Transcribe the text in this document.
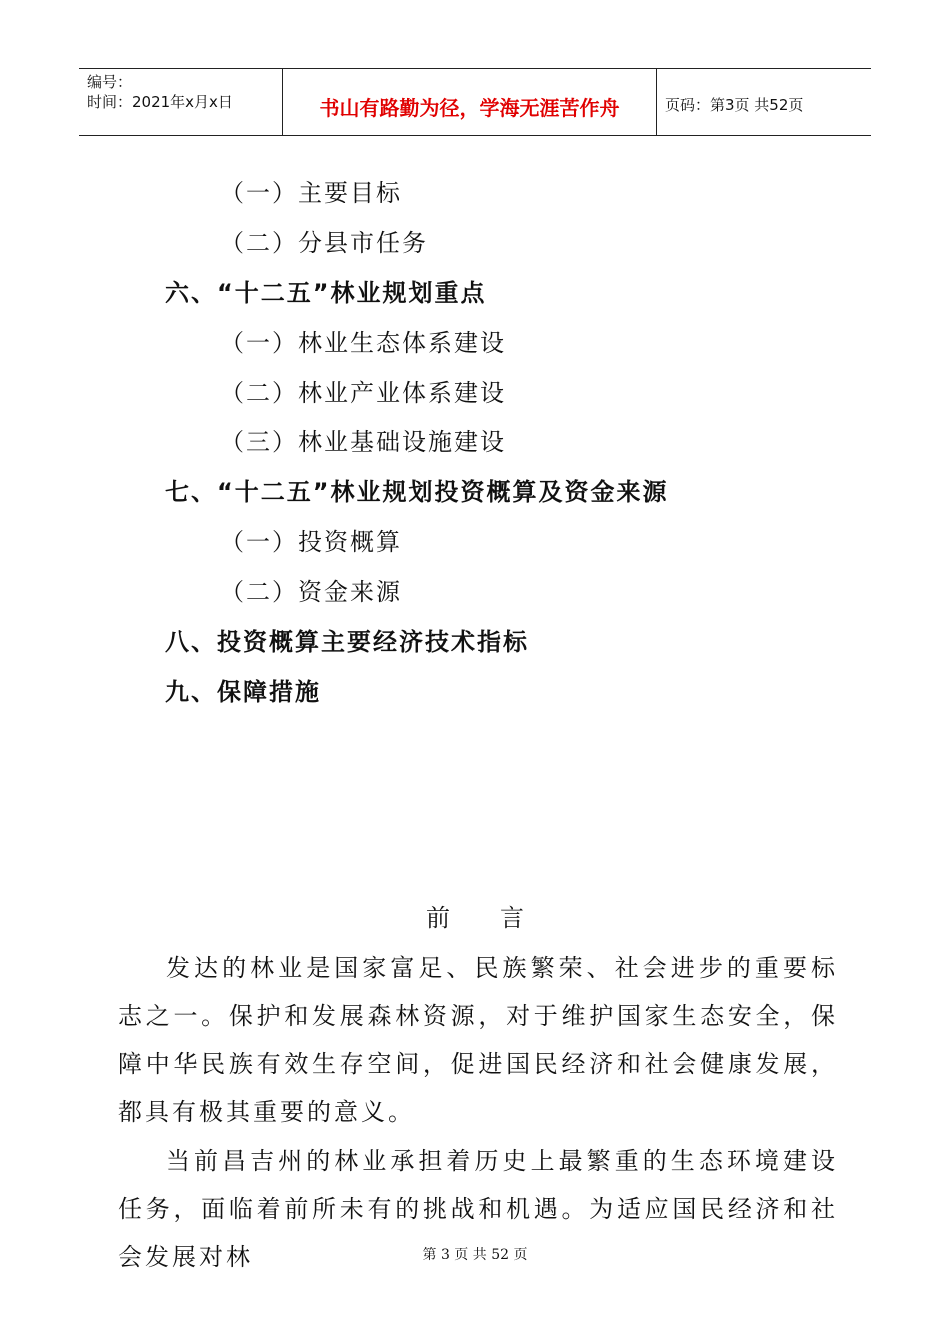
编号：
时间：2021年x月x日	书山有路勤为径，学海无涯苦作舟	页码：第3页 共52页
（一）主要目标
（二）分县市任务
六、“十二五”林业规划重点
（一）林业生态体系建设
（二）林业产业体系建设
（三）林业基础设施建设
七、“十二五”林业规划投资概算及资金来源
（一）投资概算
（二）资金来源
八、投资概算主要经济技术指标
九、保障措施
前言

发达的林业是国家富足、民族繁荣、社会进步的重要标志之一。保护和发展森林资源，对于维护国家生态安全，保障中华民族有效生存空间，促进国民经济和社会健康发展，都具有极其重要的意义。

当前昌吉州的林业承担着历史上最繁重的生态环境建设任务，面临着前所未有的挑战和机遇。为适应国民经济和社会发展对林	第 3 页 共 52 页
